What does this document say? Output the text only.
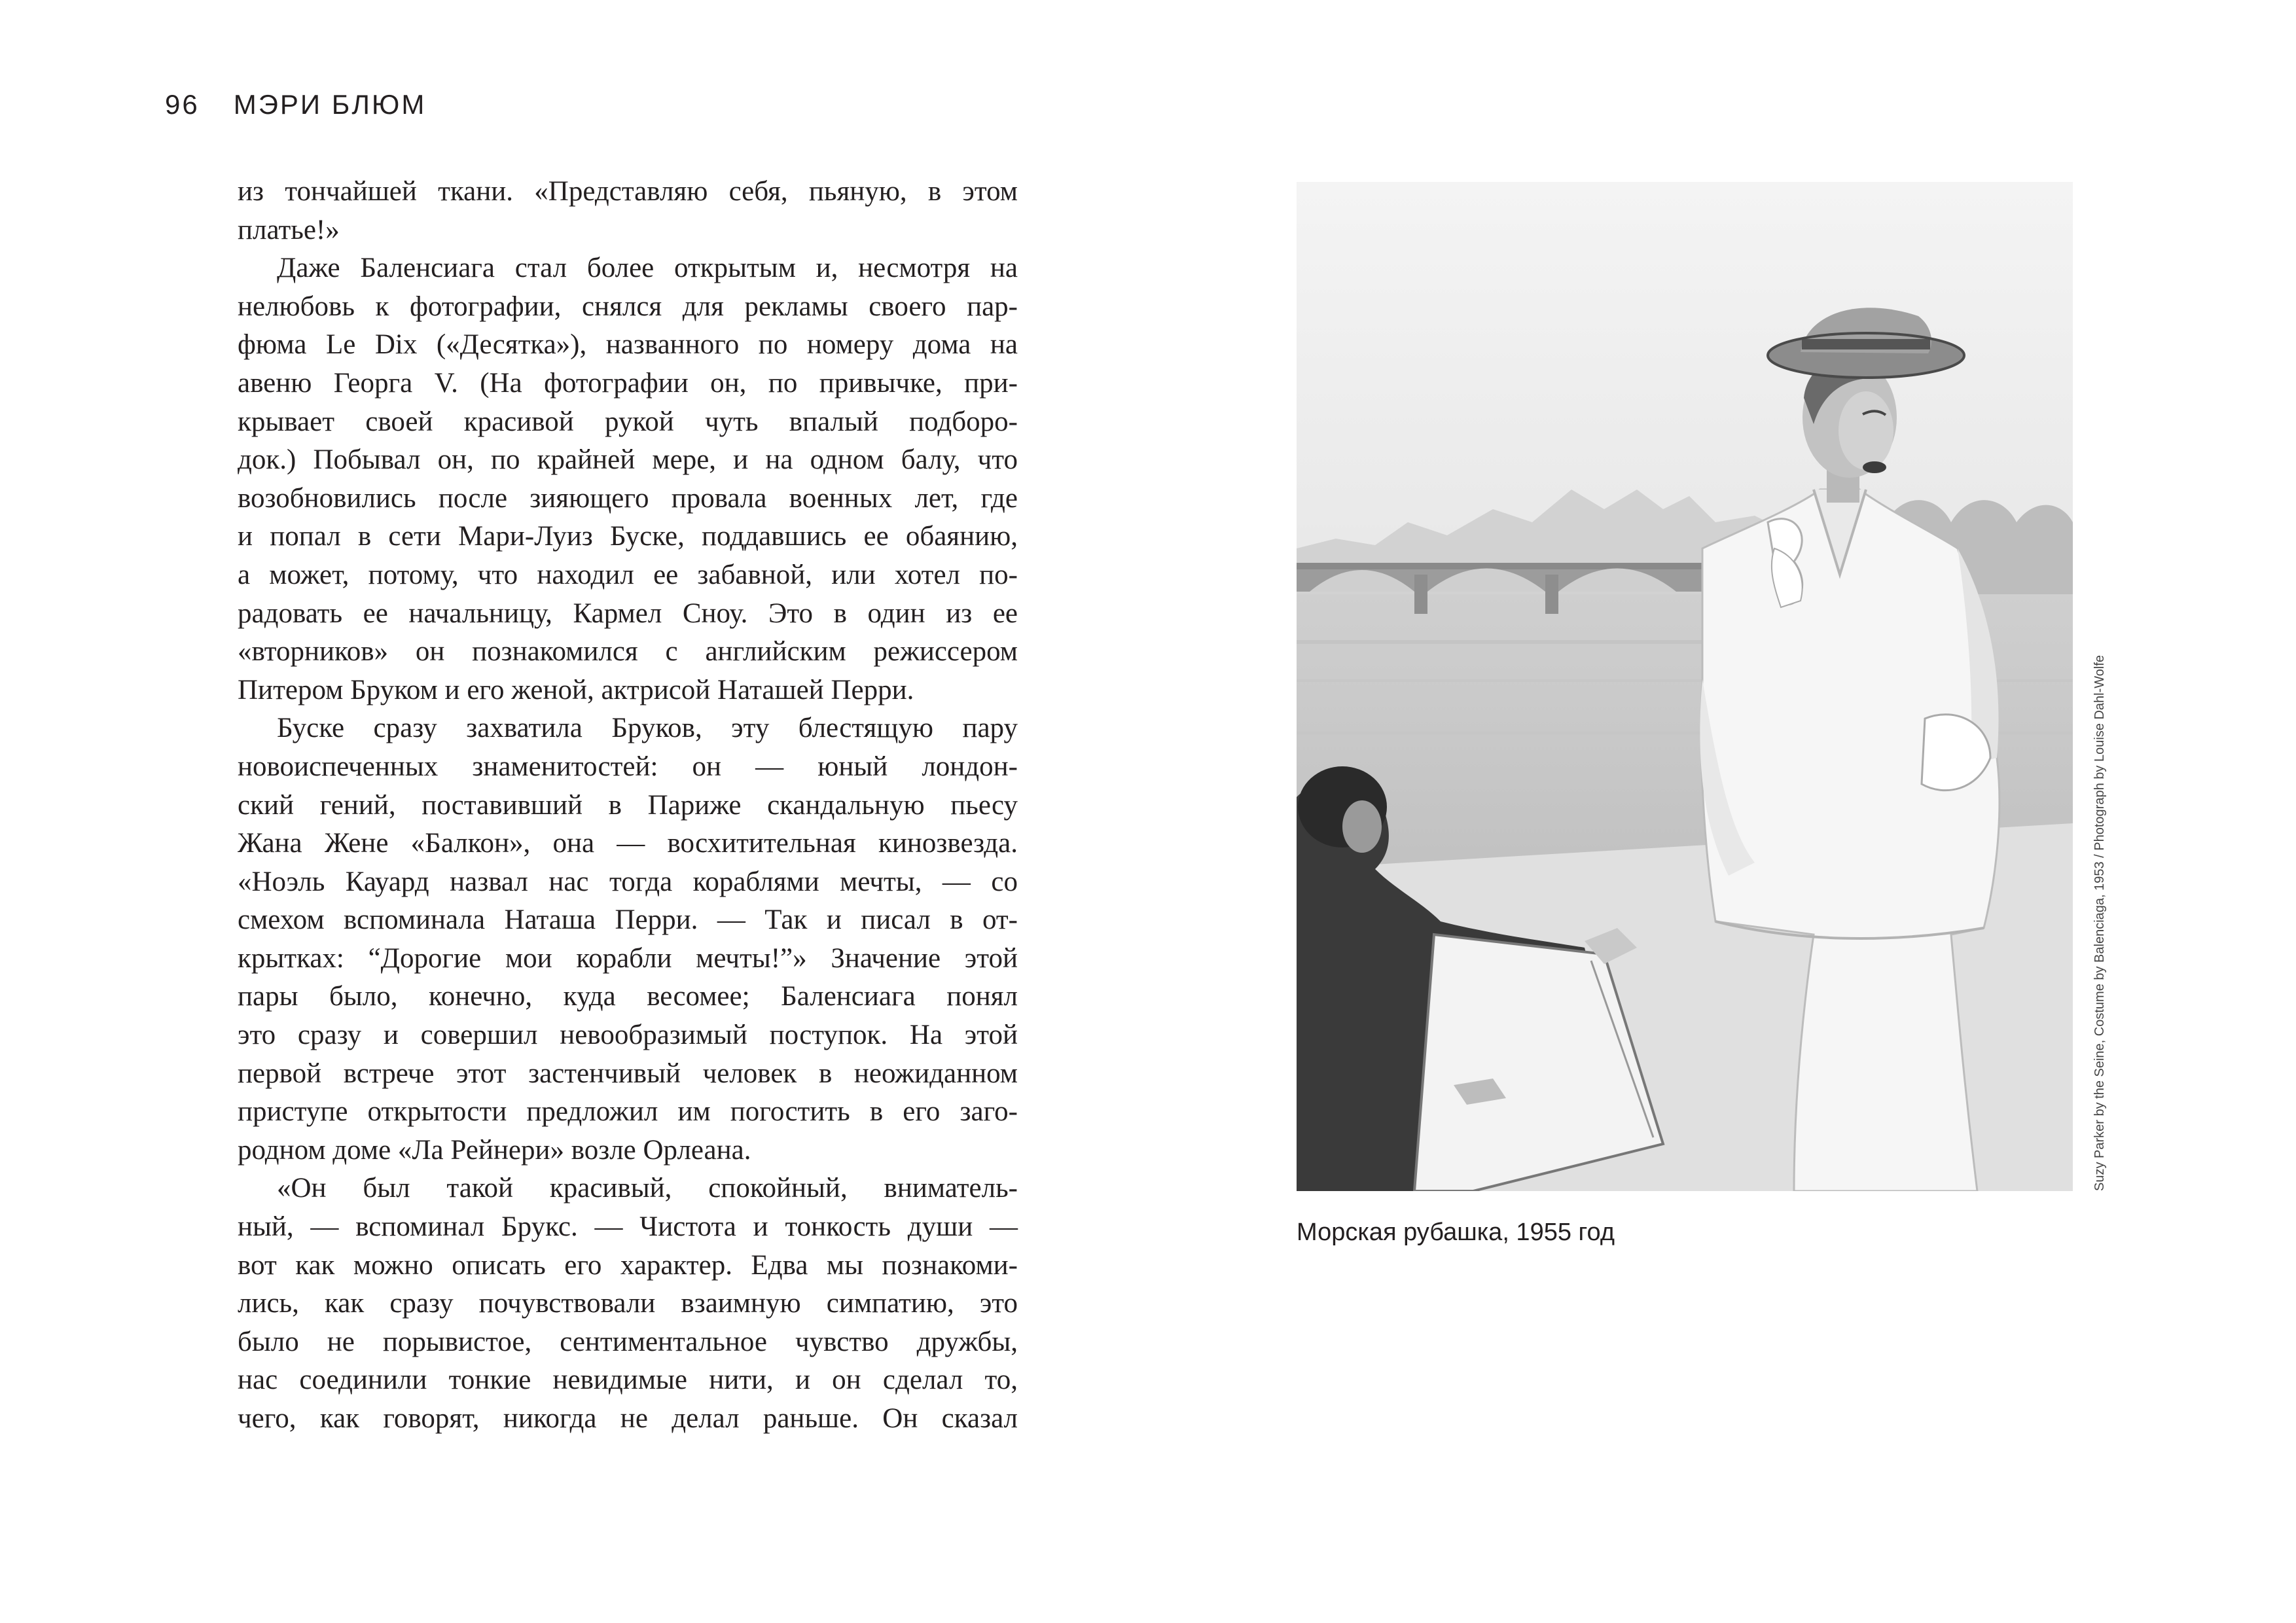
96 МЭРИ БЛЮМ
из тончайшей ткани. «Представляю себя, пьяную, в этом
платье!»
Даже Баленсиага стал более открытым и, несмотря на
нелюбовь к фотографии, снялся для рекламы своего пар-
фюма Le Dix («Десятка»), названного по номеру дома на
авеню Георга V. (На фотографии он, по привычке, при-
крывает своей красивой рукой чуть впалый подборо-
док.) Побывал он, по крайней мере, и на одном балу, что
возобновились после зияющего провала военных лет, где
и попал в сети Мари-Луиз Буске, поддавшись ее обаянию,
а может, потому, что находил ее забавной, или хотел по-
радовать ее начальницу, Кармел Сноу. Это в один из ее
«вторников» он познакомился с английским режиссером
Питером Бруком и его женой, актрисой Наташей Перри.
Буске сразу захватила Бруков, эту блестящую пару
новоиспеченных знаменитостей: он — юный лондон-
ский гений, поставивший в Париже скандальную пьесу
Жана Жене «Балкон», она — восхитительная кинозвезда.
«Ноэль Кауард назвал нас тогда кораблями мечты, — со
смехом вспоминала Наташа Перри. — Так и писал в от-
крытках: “Дорогие мои корабли мечты!”» Значение этой
пары было, конечно, куда весомее; Баленсиага понял
это сразу и совершил невообразимый поступок. На этой
первой встрече этот застенчивый человек в неожиданном
приступе открытости предложил им погостить в его заго-
родном доме «Ла Рейнери» возле Орлеана.
«Он был такой красивый, спокойный, вниматель-
ный, — вспоминал Брукс. — Чистота и тонкость души —
вот как можно описать его характер. Едва мы познакоми-
лись, как сразу почувствовали взаимную симпатию, это
было не порывистое, сентиментальное чувство дружбы,
нас соединили тонкие невидимые нити, и он сделал то,
чего, как говорят, никогда не делал раньше. Он сказал
Suzy Parker by the Seine, Costume by Balenciaga, 1953 / Photograph by Louise Dahl-Wolfe
Морская рубашка, 1955 год
